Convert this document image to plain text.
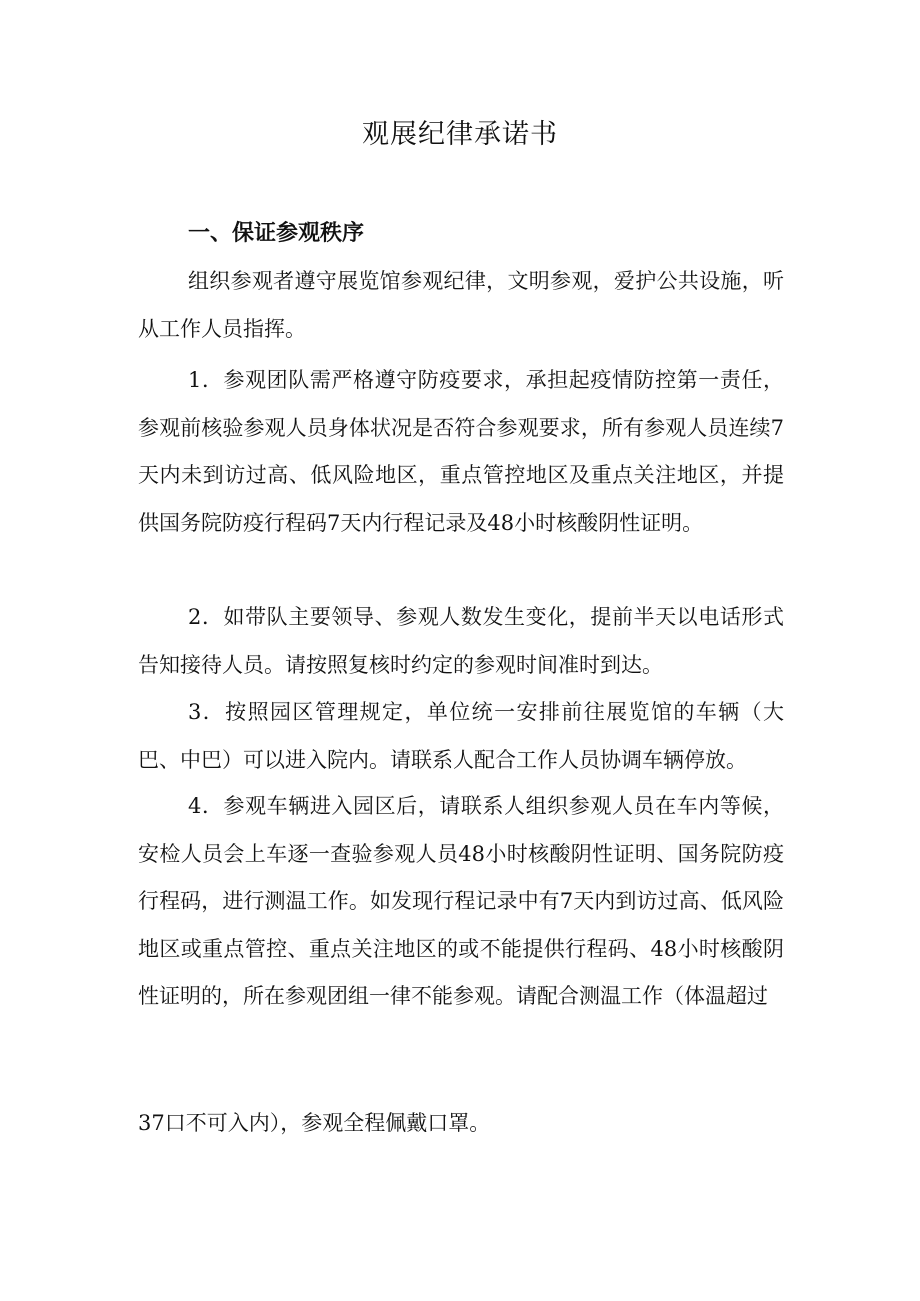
观展纪律承诺书
一、保证参观秩序

组织参观者遵守展览馆参观纪律，文明参观，爱护公共设施，听从工作人员指挥。

1．参观团队需严格遵守防疫要求，承担起疫情防控第一责任，参观前核验参观人员身体状况是否符合参观要求，所有参观人员连续7天内未到访过高、低风险地区，重点管控地区及重点关注地区，并提供国务院防疫行程码7天内行程记录及48小时核酸阴性证明。

2．如带队主要领导、参观人数发生变化，提前半天以电话形式告知接待人员。请按照复核时约定的参观时间准时到达。

3．按照园区管理规定，单位统一安排前往展览馆的车辆（大巴、中巴）可以进入院内。请联系人配合工作人员协调车辆停放。

4．参观车辆进入园区后，请联系人组织参观人员在车内等候，安检人员会上车逐一查验参观人员48小时核酸阴性证明、国务院防疫行程码，进行测温工作。如发现行程记录中有7天内到访过高、低风险地区或重点管控、重点关注地区的或不能提供行程码、48小时核酸阴性证明的，所在参观团组一律不能参观。请配合测温工作（体温超过

37口不可入内），参观全程佩戴口罩。
